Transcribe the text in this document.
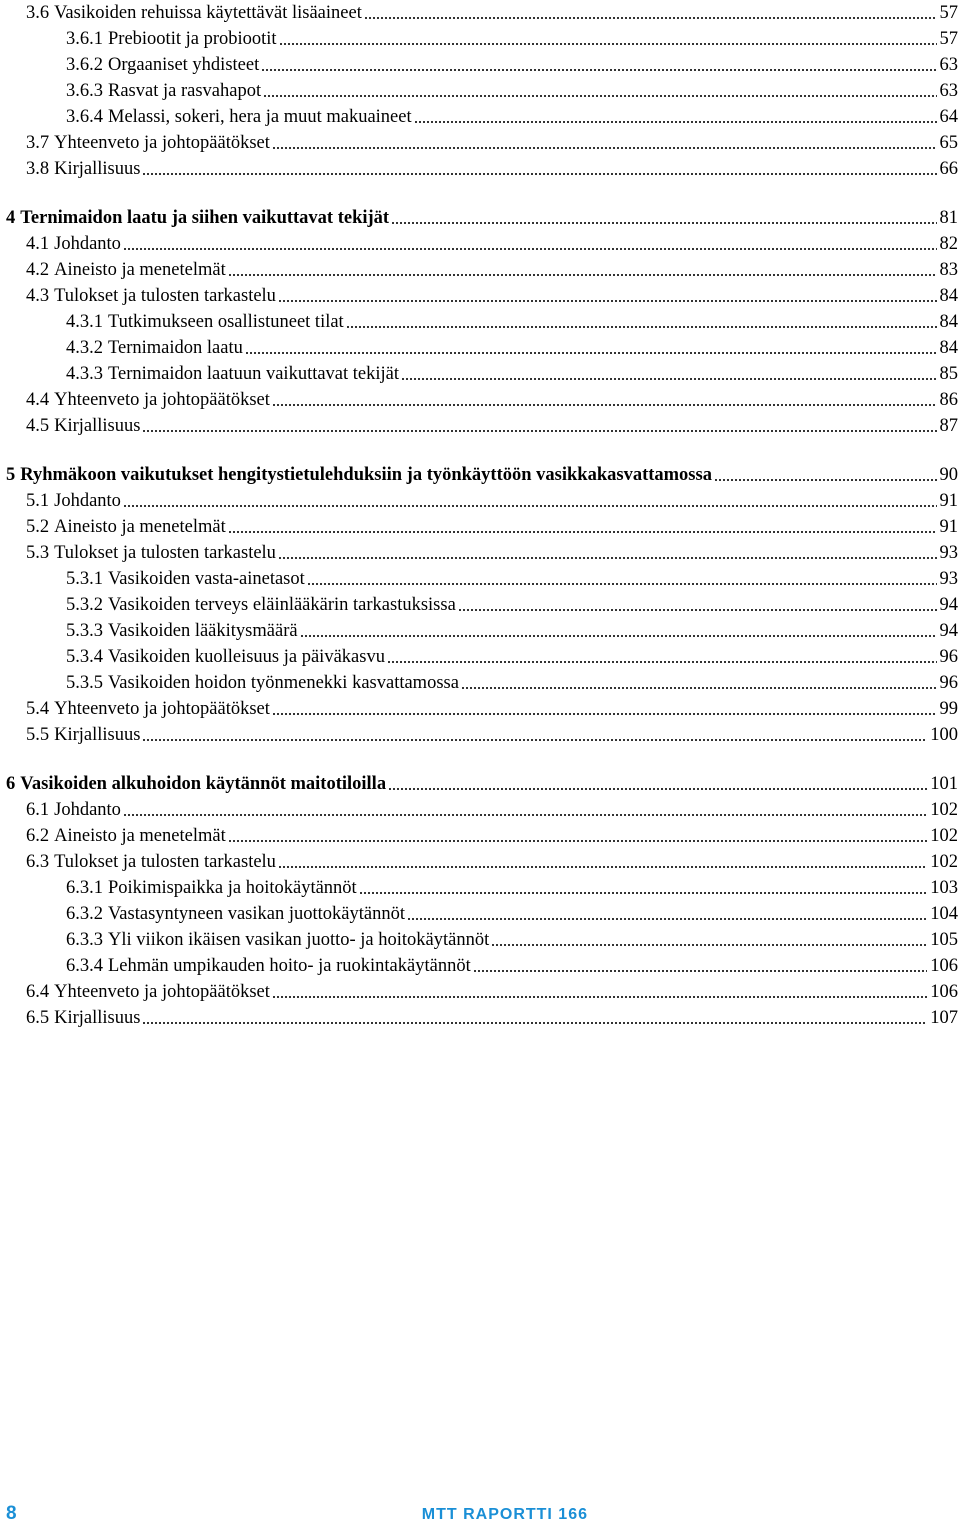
3.6 Vasikoiden rehuissa käytettävät lisäaineet	57
3.6.1 Prebiootit ja probiootit	57
3.6.2 Orgaaniset yhdisteet	63
3.6.3 Rasvat ja rasvahapot	63
3.6.4 Melassi, sokeri, hera ja muut makuaineet	64
3.7 Yhteenveto ja johtopäätökset	65
3.8 Kirjallisuus	66
4 Ternimaidon laatu ja siihen vaikuttavat tekijät	81
4.1 Johdanto	82
4.2 Aineisto ja menetelmät	83
4.3 Tulokset ja tulosten tarkastelu	84
4.3.1 Tutkimukseen osallistuneet tilat	84
4.3.2 Ternimaidon laatu	84
4.3.3 Ternimaidon laatuun vaikuttavat tekijät	85
4.4 Yhteenveto ja johtopäätökset	86
4.5 Kirjallisuus	87
5 Ryhmäkoon vaikutukset hengitystietulehduksiin ja työnkäyttöön vasikkakasvattamossa	90
5.1 Johdanto	91
5.2 Aineisto ja menetelmät	91
5.3 Tulokset ja tulosten tarkastelu	93
5.3.1 Vasikoiden vasta-ainetasot	93
5.3.2 Vasikoiden terveys eläinlääkärin tarkastuksissa	94
5.3.3 Vasikoiden lääkitysmäärä	94
5.3.4 Vasikoiden kuolleisuus ja päiväkasvu	96
5.3.5 Vasikoiden hoidon työnmenekki kasvattamossa	96
5.4 Yhteenveto ja johtopäätökset	99
5.5 Kirjallisuus	100
6 Vasikoiden alkuhoidon käytännöt maitotiloilla	101
6.1 Johdanto	102
6.2 Aineisto ja menetelmät	102
6.3 Tulokset ja tulosten tarkastelu	102
6.3.1 Poikimispaikka ja hoitokäytännöt	103
6.3.2 Vastasyntyneen vasikan juottokäytännöt	104
6.3.3 Yli viikon ikäisen vasikan juotto- ja hoitokäytännöt	105
6.3.4 Lehmän umpikauden hoito- ja ruokintakäytännöt	106
6.4 Yhteenveto ja johtopäätökset	106
6.5 Kirjallisuus	107
8	MTT RAPORTTI 166
